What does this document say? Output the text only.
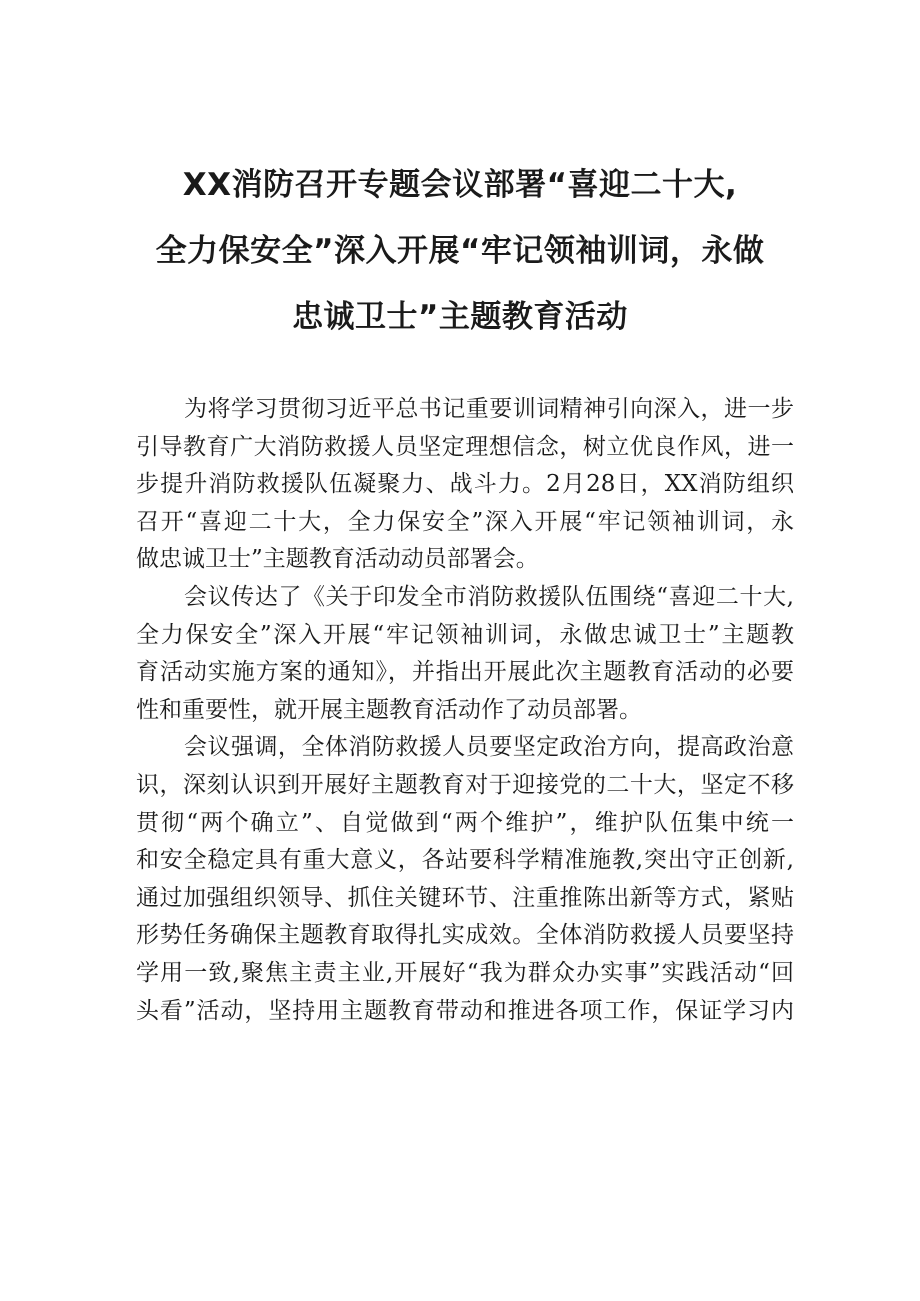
XX消防召开专题会议部署“喜迎二十大,
全力保安全”深入开展“牢记领袖训词，永做
忠诚卫士”主题教育活动

为将学习贯彻习近平总书记重要训词精神引向深入，进一步
引导教育广大消防救援人员坚定理想信念，树立优良作风，进一
步提升消防救援队伍凝聚力、战斗力。2月28日，XX消防组织
召开“喜迎二十大，全力保安全”深入开展“牢记领袖训词，永
做忠诚卫士”主题教育活动动员部署会。

会议传达了《关于印发全市消防救援队伍围绕“喜迎二十大,
全力保安全”深入开展“牢记领袖训词，永做忠诚卫士”主题教
育活动实施方案的通知》，并指出开展此次主题教育活动的必要
性和重要性，就开展主题教育活动作了动员部署。

会议强调，全体消防救援人员要坚定政治方向，提高政治意
识，深刻认识到开展好主题教育对于迎接党的二十大，坚定不移
贯彻“两个确立”、自觉做到“两个维护”，维护队伍集中统一
和安全稳定具有重大意义，各站要科学精准施教,突出守正创新,
通过加强组织领导、抓住关键环节、注重推陈出新等方式，紧贴
形势任务确保主题教育取得扎实成效。全体消防救援人员要坚持
学用一致,聚焦主责主业,开展好“我为群众办实事”实践活动“回
头看”活动，坚持用主题教育带动和推进各项工作，保证学习内
